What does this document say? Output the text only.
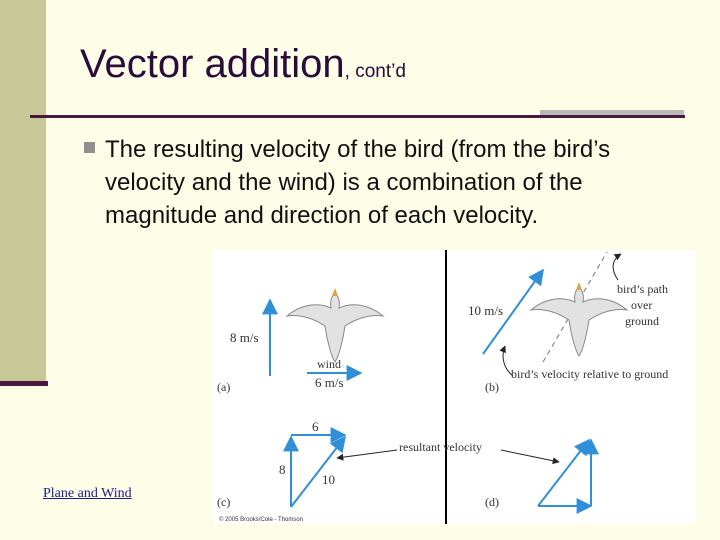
Vector addition, cont’d
The resulting velocity of the bird (from the bird’s velocity and the wind) is a combination of the magnitude and direction of each velocity.
8 m/s
wind
6 m/s
(a)
10 m/s
bird’s path
over
ground
bird’s velocity relative to ground
(b)
6
8
10
(c)
resultant velocity
(d)
© 2005 Brooks/Cole - Thomson
Plane and Wind
